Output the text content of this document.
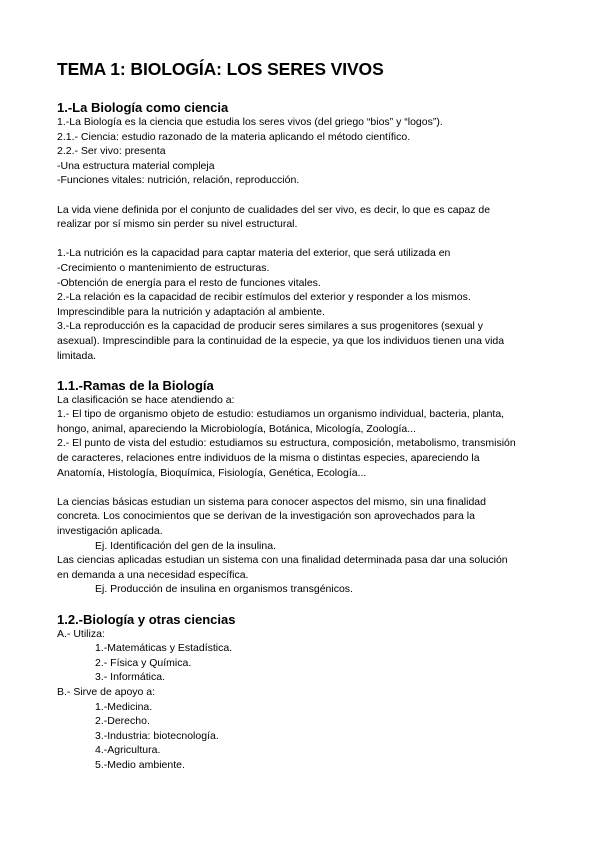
TEMA 1: BIOLOGÍA: LOS SERES VIVOS
1.-La Biología como ciencia
1.-La Biología es la ciencia que estudia los seres vivos (del griego “bios” y “logos”).
2.1.- Ciencia: estudio razonado de la materia aplicando el método científico.
2.2.- Ser vivo: presenta
-Una estructura material compleja
-Funciones vitales: nutrición, relación, reproducción.
La vida viene definida por el conjunto de cualidades del ser vivo, es decir, lo que es capaz de
realizar por sí mismo sin perder su nivel estructural.
1.-La nutrición es la capacidad para captar materia del exterior, que será utilizada en
-Crecimiento o mantenimiento de estructuras.
-Obtención de energía para el resto de funciones vitales.
2.-La relación es la capacidad de recibir estímulos del exterior y responder a los mismos.
Imprescindible para la nutrición y adaptación al ambiente.
3.-La reproducción es la capacidad de producir seres similares a sus progenitores (sexual y
asexual). Imprescindible para la continuidad de la especie, ya que los individuos tienen una vida
limitada.
1.1.-Ramas de la Biología
La clasificación se hace atendiendo a:
1.- El tipo de organismo objeto de estudio: estudiamos un organismo individual, bacteria, planta,
hongo, animal, apareciendo la Microbiología, Botánica, Micología, Zoología...
2.- El punto de vista del estudio: estudiamos su estructura, composición, metabolismo, transmisión
de caracteres, relaciones entre individuos de la misma o distintas especies, apareciendo la
Anatomía, Histología, Bioquímica, Fisiología, Genética, Ecología...
La ciencias básicas estudian un sistema para conocer aspectos del mismo, sin una finalidad
concreta. Los conocimientos que se derivan de la investigación son aprovechados para la
investigación aplicada.
Ej. Identificación del gen de la insulina.
Las ciencias aplicadas estudian un sistema con una finalidad determinada pasa dar una solución
en demanda a una necesidad específica.
Ej. Producción de insulina en organismos transgénicos.
1.2.-Biología y otras ciencias
A.- Utiliza:
1.-Matemáticas y Estadística.
2.- Física y Química.
3.- Informática.
B.- Sirve de apoyo a:
1.-Medicina.
2.-Derecho.
3.-Industria: biotecnología.
4.-Agricultura.
5.-Medio ambiente.
